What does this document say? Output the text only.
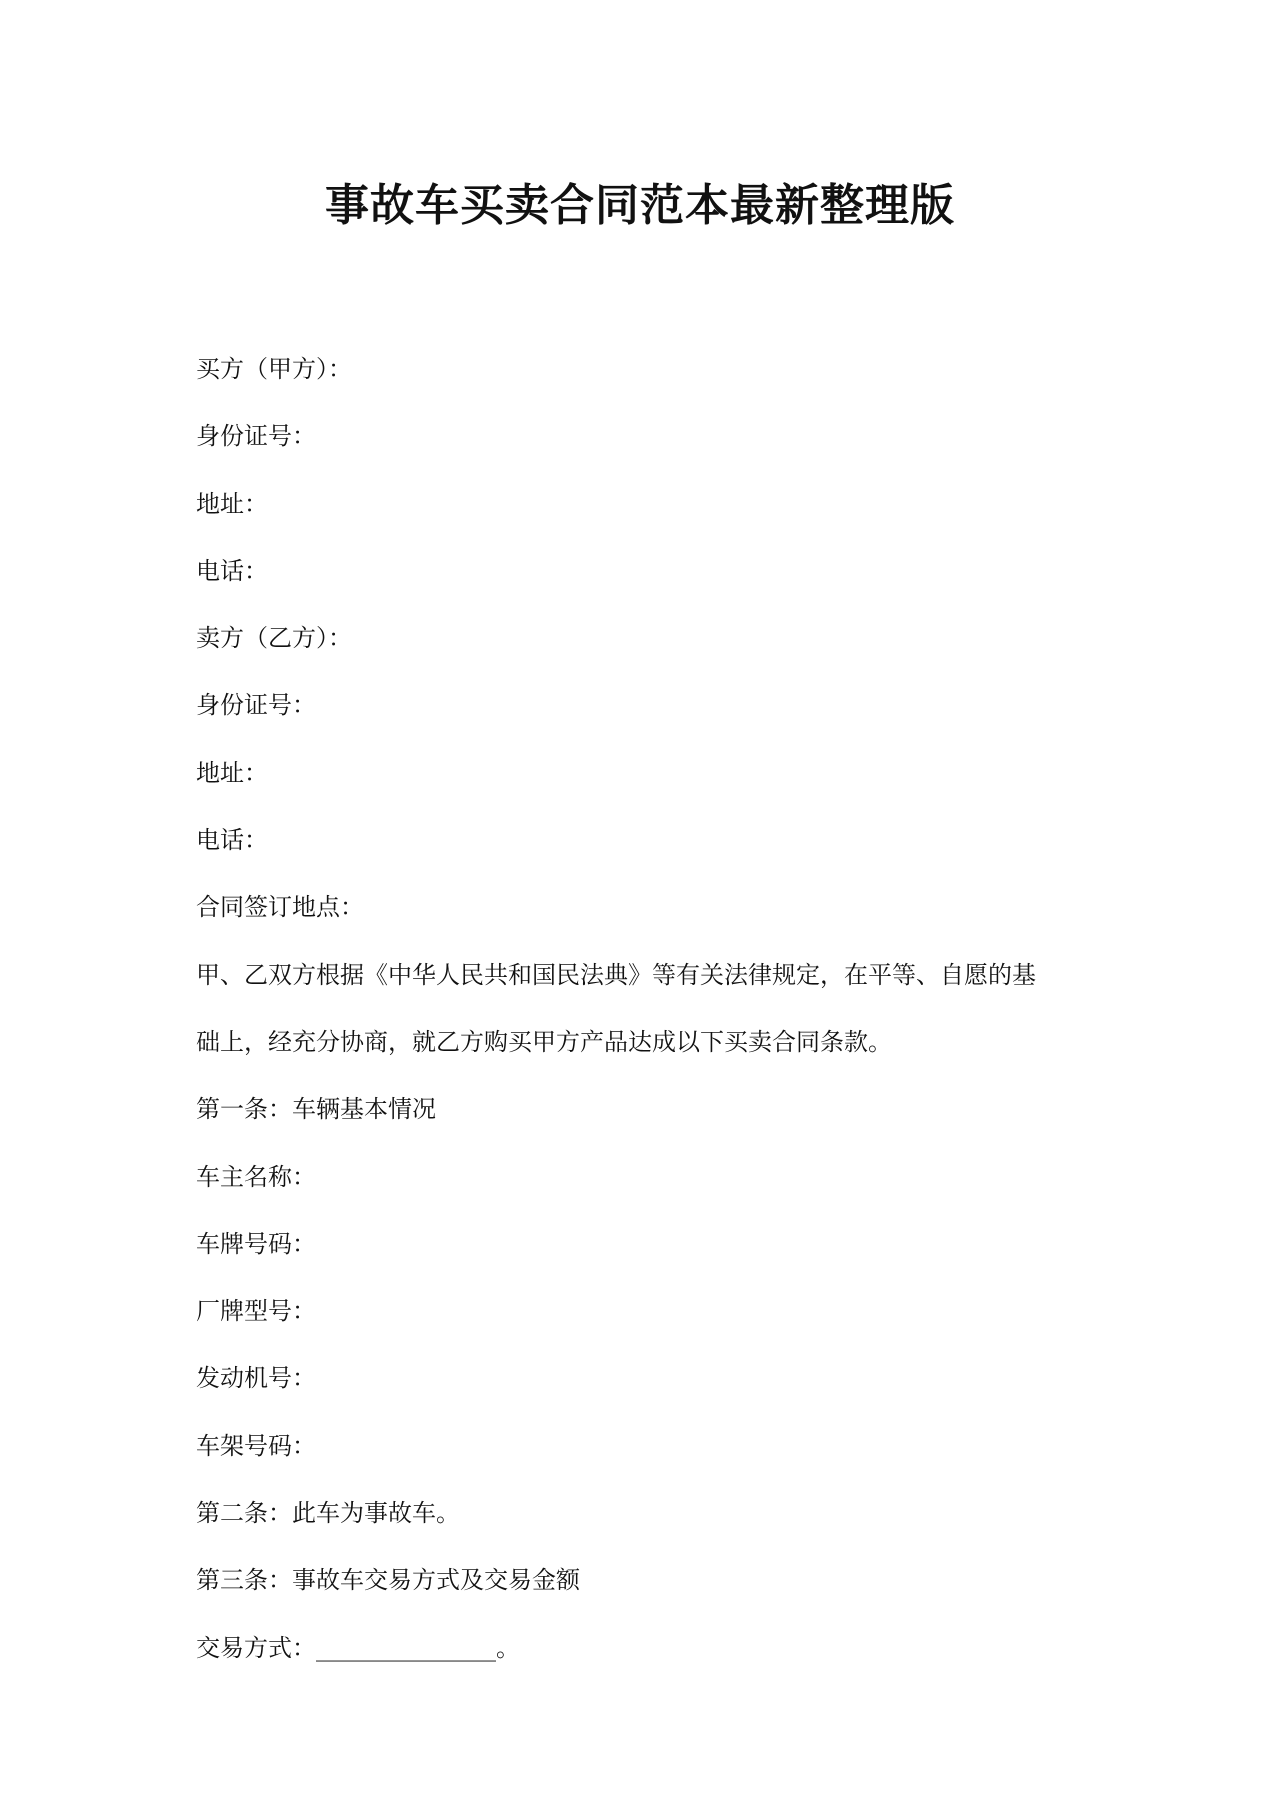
事故车买卖合同范本最新整理版

买方（甲方）：

身份证号：

地址：

电话：

卖方（乙方）：

身份证号：

地址：

电话：

合同签订地点：

甲、乙双方根据《中华人民共和国民法典》等有关法律规定，在平等、自愿的基

础上，经充分协商，就乙方购买甲方产品达成以下买卖合同条款。

第一条：车辆基本情况

车主名称：

车牌号码：

厂牌型号：

发动机号：

车架号码：

第二条：此车为事故车。

第三条：事故车交易方式及交易金额

交易方式：_______________。
